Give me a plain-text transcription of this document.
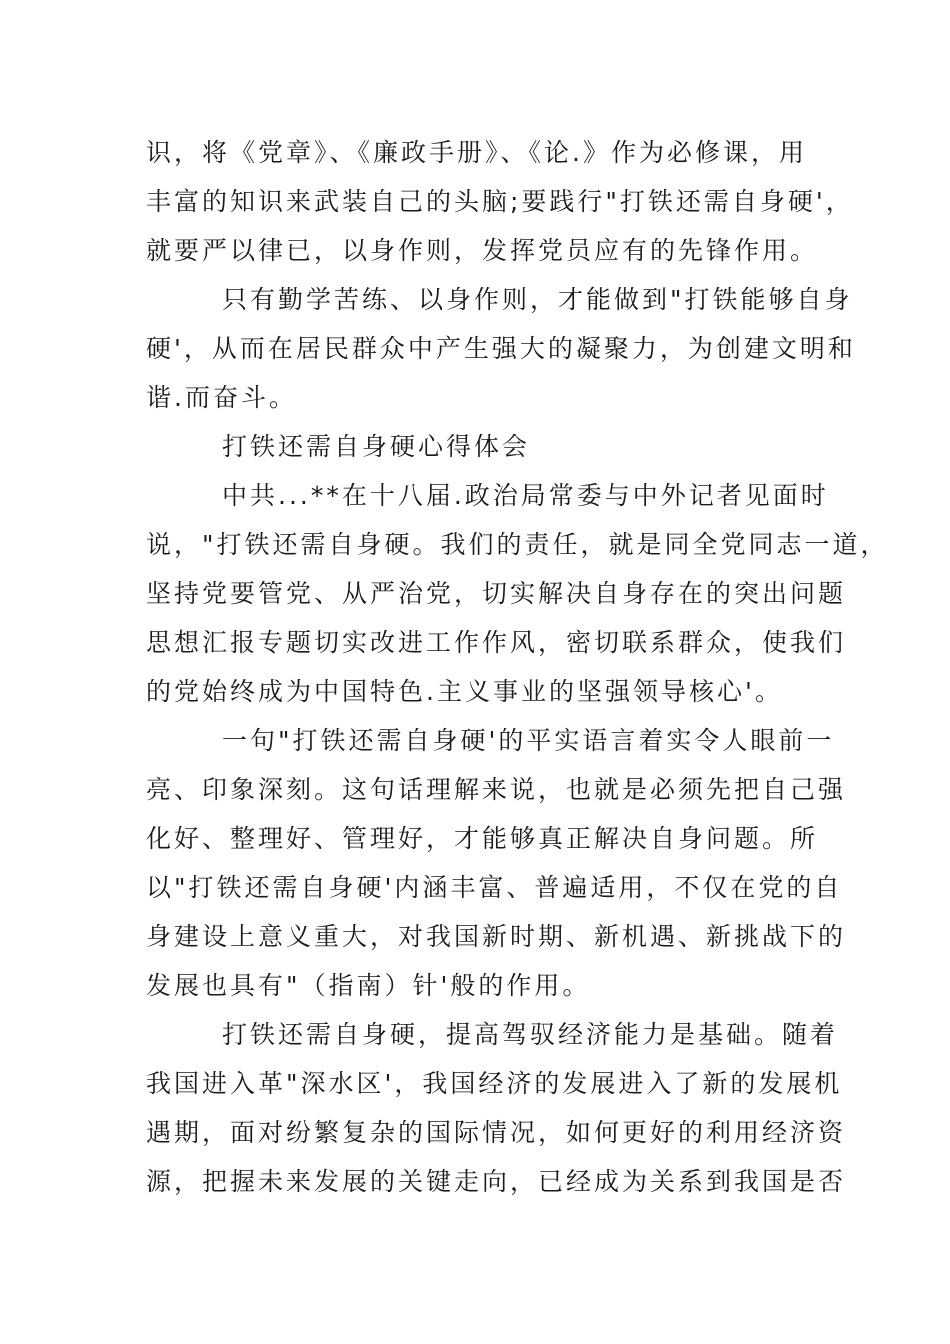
识，将《党章》、《廉政手册》、《论.》作为必修课，用
丰富的知识来武装自己的头脑;要践行"打铁还需自身硬'，
就要严以律已，以身作则，发挥党员应有的先锋作用。
只有勤学苦练、以身作则，才能做到"打铁能够自身
硬'，从而在居民群众中产生强大的凝聚力，为创建文明和
谐.而奋斗。
打铁还需自身硬心得体会
中共...**在十八届.政治局常委与中外记者见面时
说，"打铁还需自身硬。我们的责任，就是同全党同志一道，
坚持党要管党、从严治党，切实解决自身存在的突出问题
思想汇报专题切实改进工作作风，密切联系群众，使我们
的党始终成为中国特色.主义事业的坚强领导核心'。
一句"打铁还需自身硬'的平实语言着实令人眼前一
亮、印象深刻。这句话理解来说，也就是必须先把自己强
化好、整理好、管理好，才能够真正解决自身问题。所
以"打铁还需自身硬'内涵丰富、普遍适用，不仅在党的自
身建设上意义重大，对我国新时期、新机遇、新挑战下的
发展也具有"（指南）针'般的作用。
打铁还需自身硬，提高驾驭经济能力是基础。随着
我国进入革"深水区'，我国经济的发展进入了新的发展机
遇期，面对纷繁复杂的国际情况，如何更好的利用经济资
源，把握未来发展的关键走向，已经成为关系到我国是否
